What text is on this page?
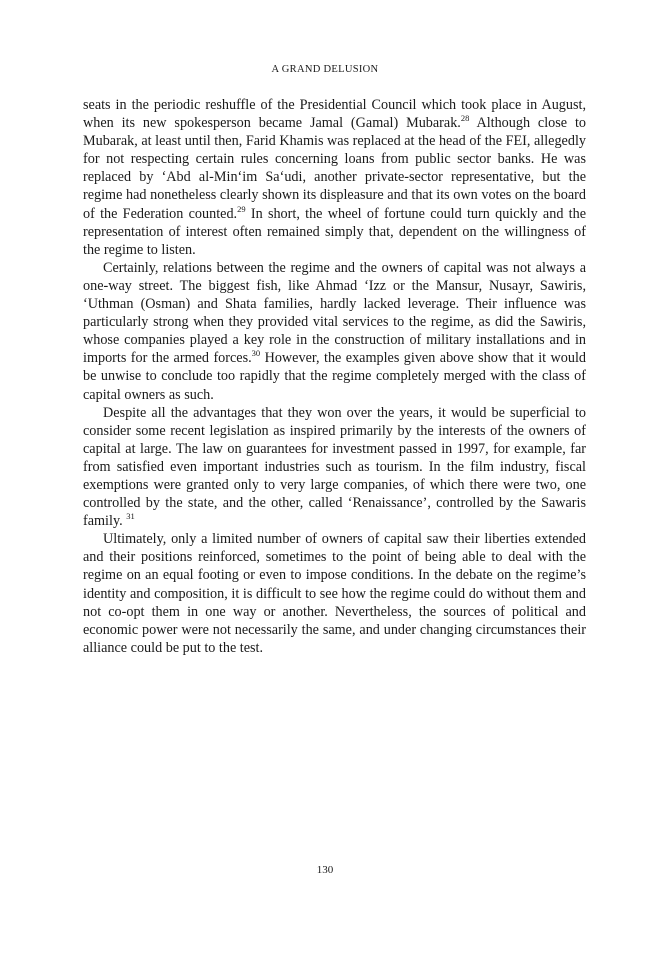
A GRAND DELUSION

seats in the periodic reshuffle of the Presidential Council which took place in August, when its new spokesperson became Jamal (Gamal) Mubarak.$^{28}$ Although close to Mubarak, at least until then, Farid Khamis was replaced at the head of the FEI, allegedly for not respecting certain rules concerning loans from public sector banks. He was replaced by ‘Abd al-Min‘im Sa‘udi, another private-sector representative, but the regime had nonetheless clearly shown its displeasure and that its own votes on the board of the Federation counted.$^{29}$ In short, the wheel of fortune could turn quickly and the representation of interest often remained simply that, dependent on the willingness of the regime to listen.

Certainly, relations between the regime and the owners of capital was not always a one-way street. The biggest fish, like Ahmad ‘Izz or the Mansur, Nusayr, Sawiris, ‘Uthman (Osman) and Shata families, hardly lacked leverage. Their influence was particularly strong when they provided vital services to the regime, as did the Sawiris, whose companies played a key role in the construction of military installations and in imports for the armed forces.$^{30}$ However, the examples given above show that it would be unwise to conclude too rapidly that the regime completely merged with the class of capital owners as such.

Despite all the advantages that they won over the years, it would be superficial to consider some recent legislation as inspired primarily by the interests of the owners of capital at large. The law on guarantees for investment passed in 1997, for example, far from satisfied even important industries such as tourism. In the film industry, fiscal exemptions were granted only to very large companies, of which there were two, one controlled by the state, and the other, called ‘Renaissance’, controlled by the Sawaris family. $^{31}$

Ultimately, only a limited number of owners of capital saw their liberties extended and their positions reinforced, sometimes to the point of being able to deal with the regime on an equal footing or even to impose conditions. In the debate on the regime’s identity and composition, it is difficult to see how the regime could do without them and not co-opt them in one way or another. Nevertheless, the sources of political and economic power were not necessarily the same, and under changing circumstances their alliance could be put to the test.

130
